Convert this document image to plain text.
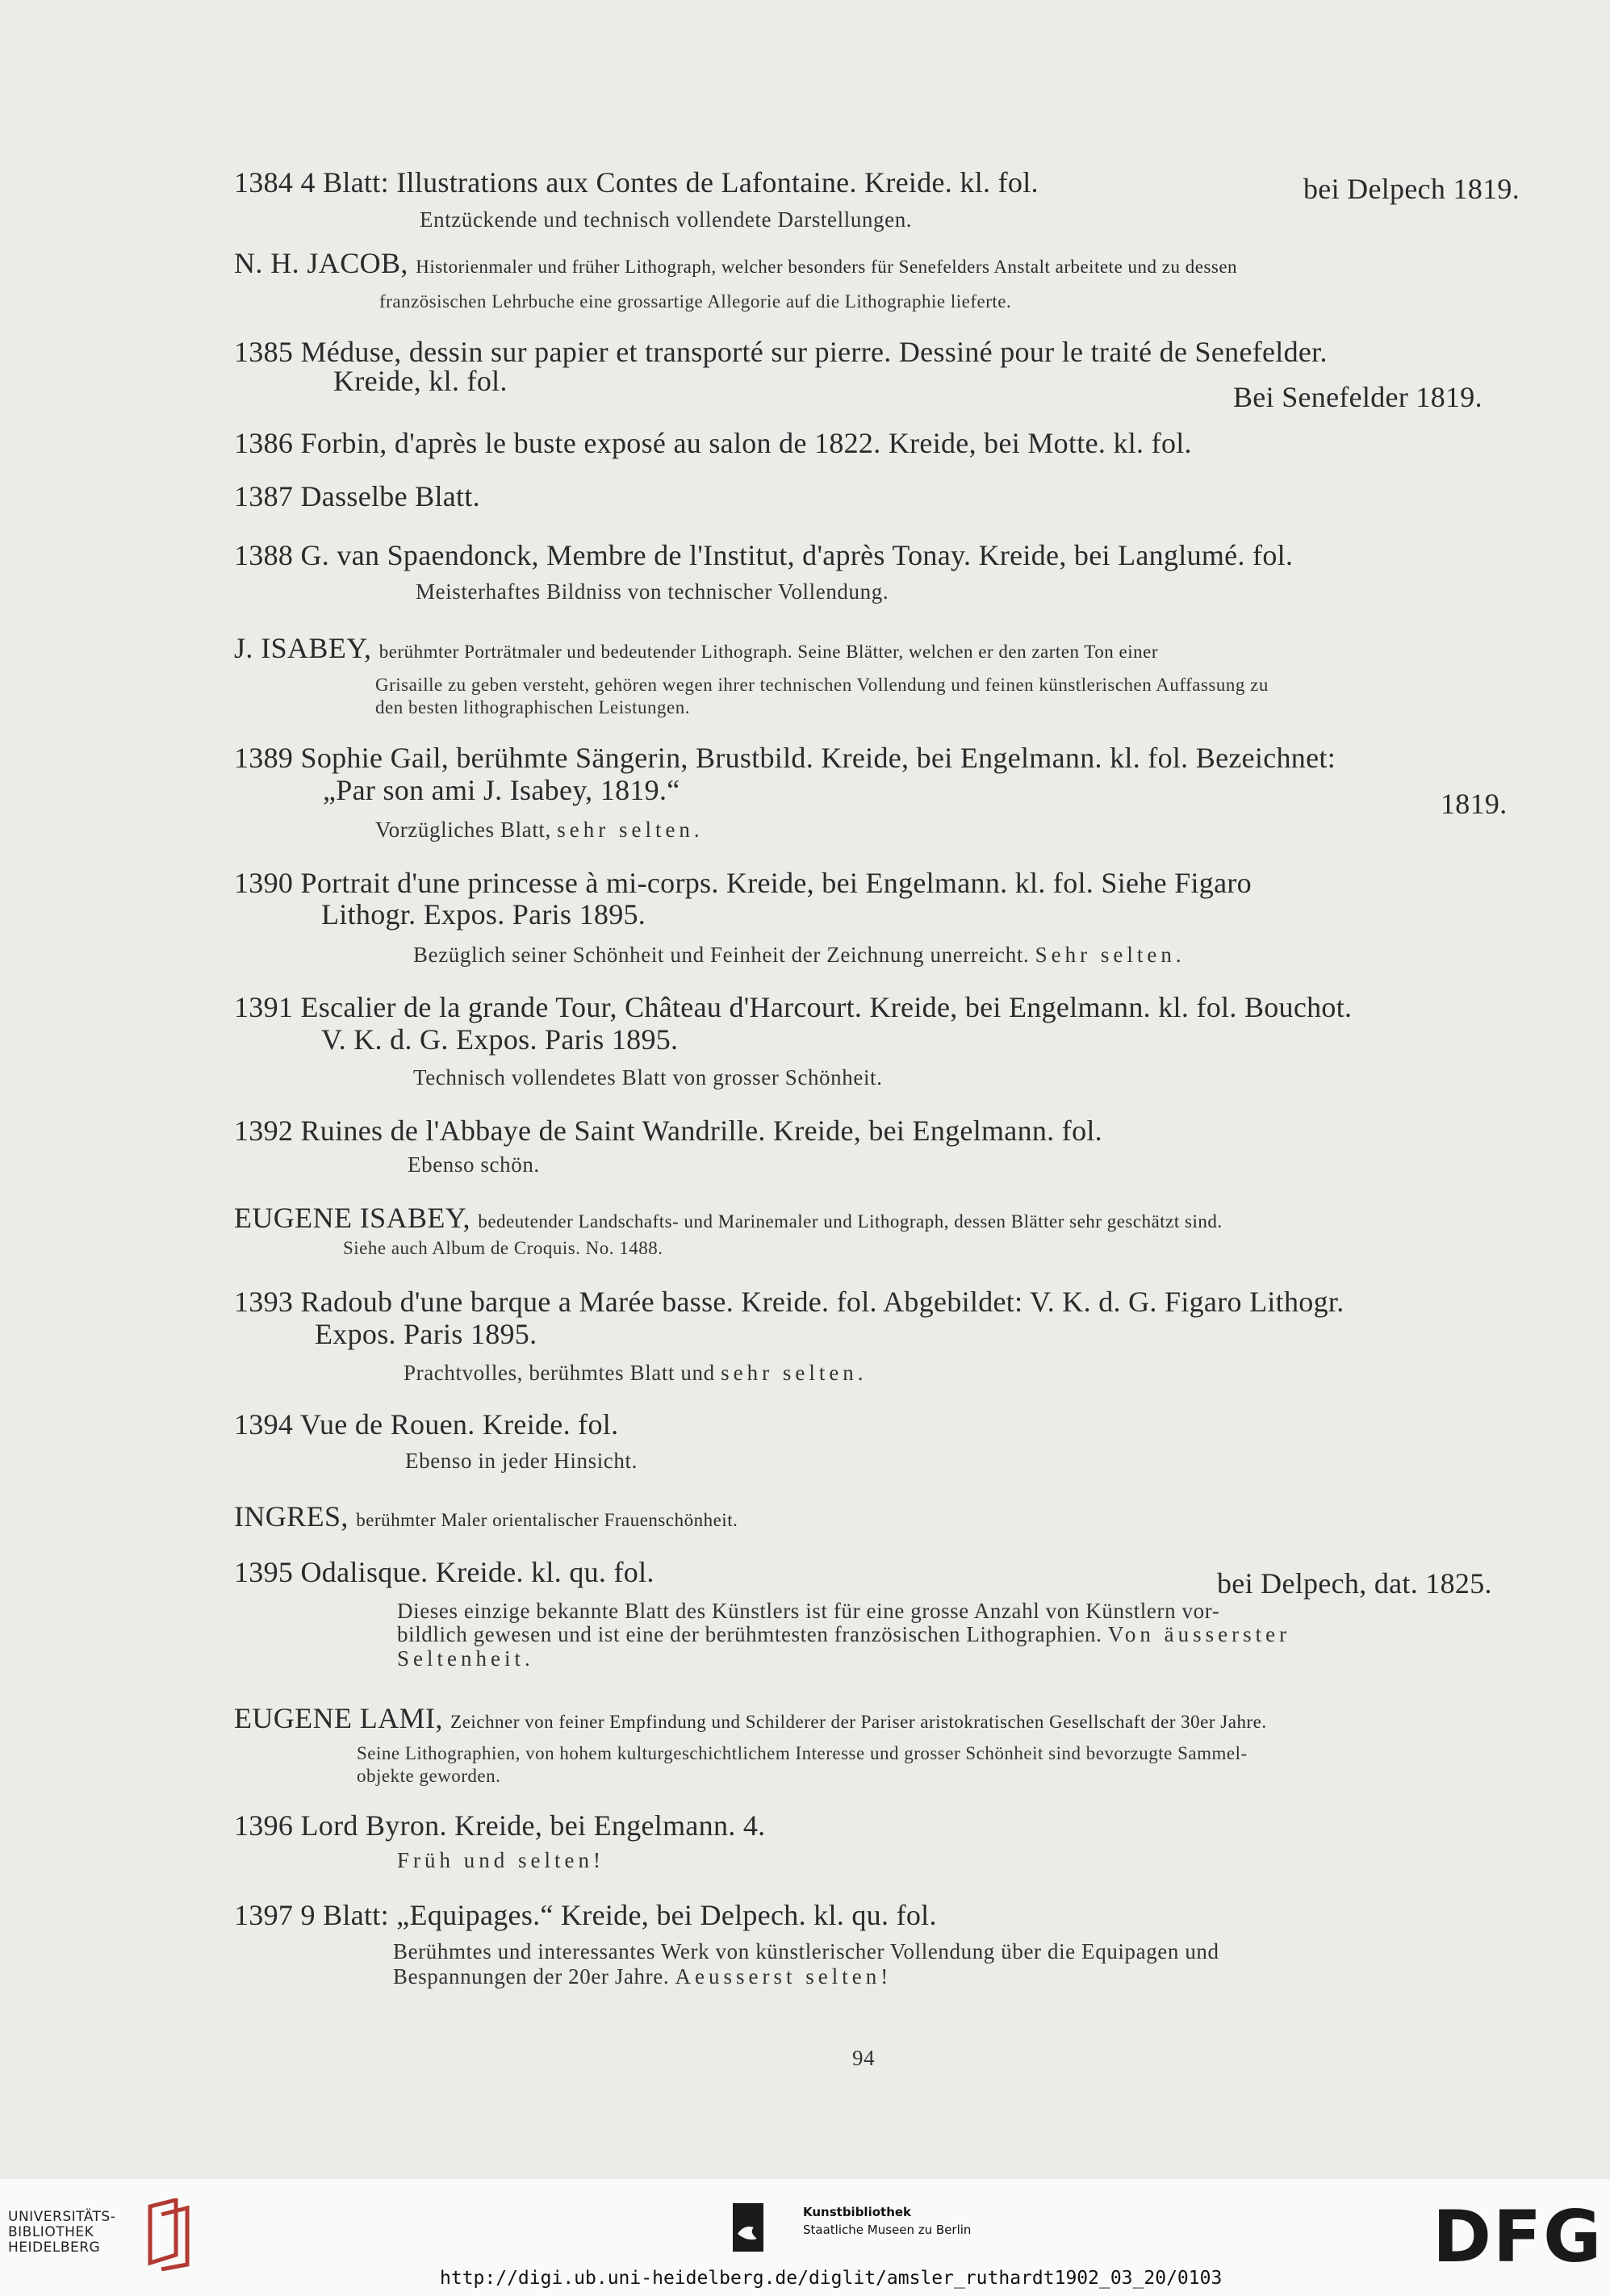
1384 4 Blatt: Illustrations aux Contes de Lafontaine. Kreide. kl. fol.	bei Delpech 1819.
Entzückende und technisch vollendete Darstellungen.
N. H. JACOB, Historienmaler und früher Lithograph, welcher besonders für Senefelders Anstalt arbeitete und zu dessen
französischen Lehrbuche eine grossartige Allegorie auf die Lithographie lieferte.
1385 Méduse, dessin sur papier et transporté sur pierre. Dessiné pour le traité de Senefelder.
Kreide, kl. fol.	Bei Senefelder 1819.
1386 Forbin, d'après le buste exposé au salon de 1822. Kreide, bei Motte. kl. fol.
1387 Dasselbe Blatt.
1388 G. van Spaendonck, Membre de l'Institut, d'après Tonay. Kreide, bei Langlumé. fol.
Meisterhaftes Bildniss von technischer Vollendung.
J. ISABEY, berühmter Porträtmaler und bedeutender Lithograph. Seine Blätter, welchen er den zarten Ton einer
Grisaille zu geben versteht, gehören wegen ihrer technischen Vollendung und feinen künstlerischen Auffassung zu
den besten lithographischen Leistungen.
1389 Sophie Gail, berühmte Sängerin, Brustbild. Kreide, bei Engelmann. kl. fol. Bezeichnet:
„Par son ami J. Isabey, 1819.“	1819.
Vorzügliches Blatt, sehr selten.
1390 Portrait d'une princesse à mi-corps. Kreide, bei Engelmann. kl. fol. Siehe Figaro
Lithogr. Expos. Paris 1895.
Bezüglich seiner Schönheit und Feinheit der Zeichnung unerreicht. Sehr selten.
1391 Escalier de la grande Tour, Château d'Harcourt. Kreide, bei Engelmann. kl. fol. Bouchot.
V. K. d. G. Expos. Paris 1895.
Technisch vollendetes Blatt von grosser Schönheit.
1392 Ruines de l'Abbaye de Saint Wandrille. Kreide, bei Engelmann. fol.
Ebenso schön.
EUGENE ISABEY, bedeutender Landschafts- und Marinemaler und Lithograph, dessen Blätter sehr geschätzt sind.
Siehe auch Album de Croquis. No. 1488.
1393 Radoub d'une barque a Marée basse. Kreide. fol. Abgebildet: V. K. d. G. Figaro Lithogr.
Expos. Paris 1895.
Prachtvolles, berühmtes Blatt und sehr selten.
1394 Vue de Rouen. Kreide. fol.
Ebenso in jeder Hinsicht.
INGRES, berühmter Maler orientalischer Frauenschönheit.
1395 Odalisque. Kreide. kl. qu. fol.	bei Delpech, dat. 1825.
Dieses einzige bekannte Blatt des Künstlers ist für eine grosse Anzahl von Künstlern vor-
bildlich gewesen und ist eine der berühmtesten französischen Lithographien. Von äusserster
Seltenheit.
EUGENE LAMI, Zeichner von feiner Empfindung und Schilderer der Pariser aristokratischen Gesellschaft der 30er Jahre.
Seine Lithographien, von hohem kulturgeschichtlichem Interesse und grosser Schönheit sind bevorzugte Sammel-
objekte geworden.
1396 Lord Byron. Kreide, bei Engelmann. 4.
Früh und selten!
1397 9 Blatt: „Equipages.“ Kreide, bei Delpech. kl. qu. fol.
Berühmtes und interessantes Werk von künstlerischer Vollendung über die Equipagen und
Bespannungen der 20er Jahre. Aeusserst selten!
94
UNIVERSITÄTS-
BIBLIOTHEK
HEIDELBERG
Kunstbibliothek
Staatliche Museen zu Berlin	DFG
http://digi.ub.uni-heidelberg.de/diglit/amsler_ruthardt1902_03_20/0103
